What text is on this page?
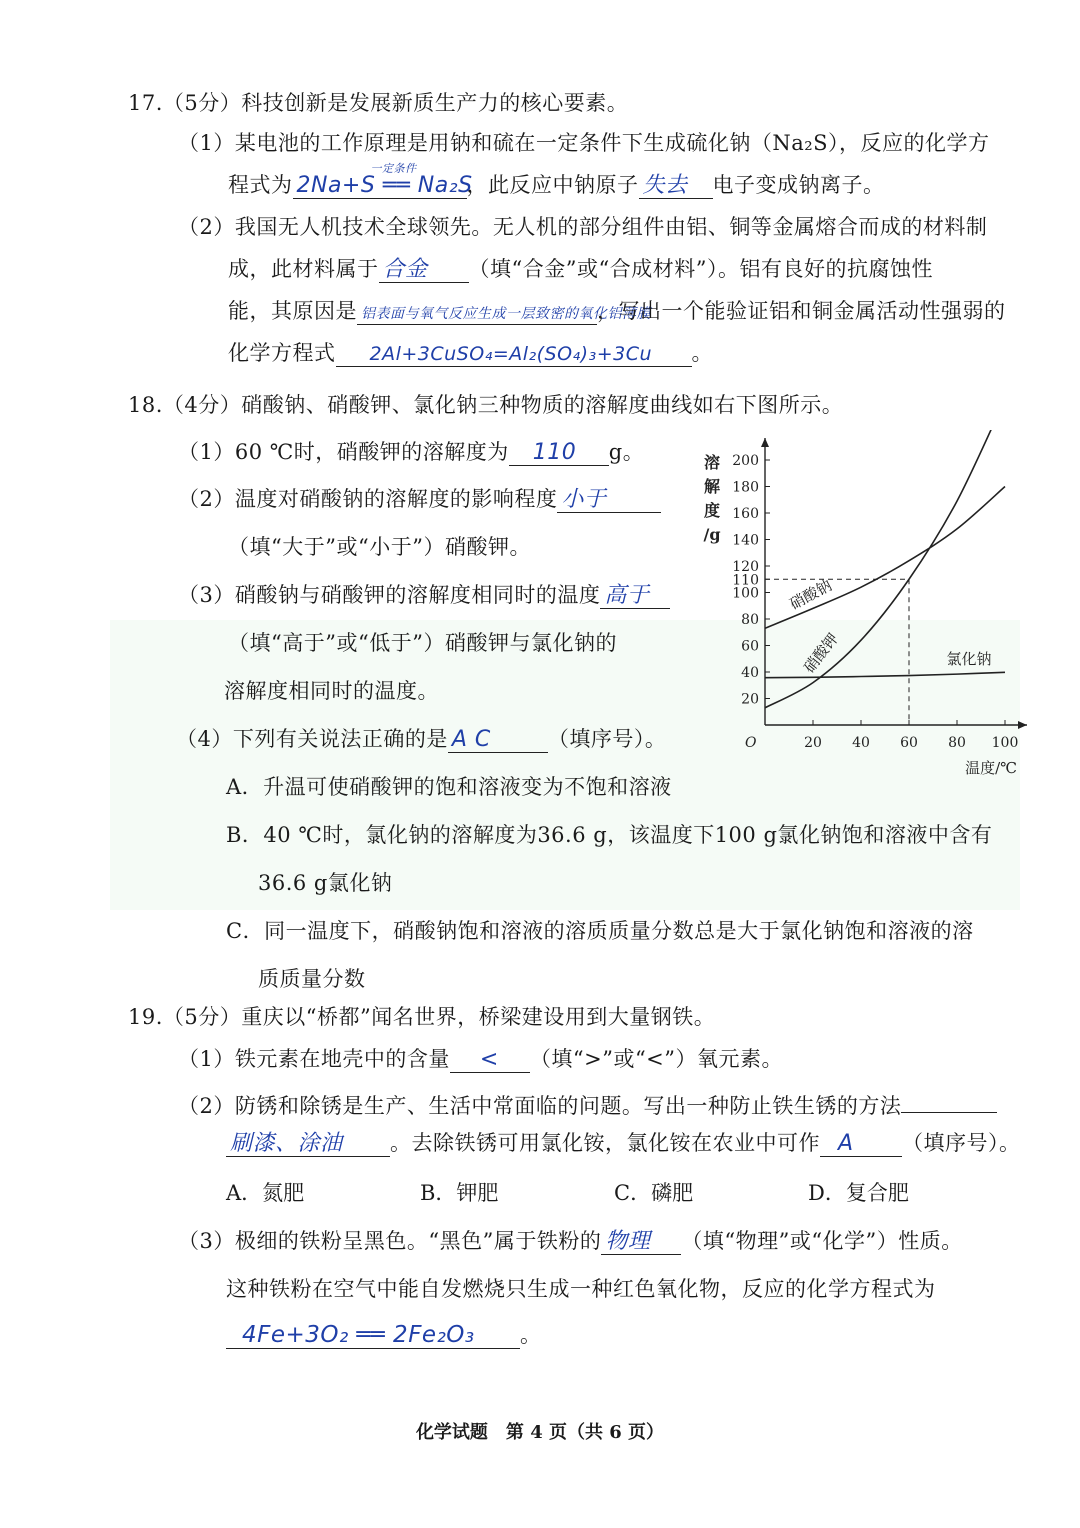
17.（5分）科技创新是发展新质生产力的核心要素。
（1）某电池的工作原理是用钠和硫在一定条件下生成硫化钠（Na₂S），反应的化学方
程式为
一定条件
2Na+S ══ Na₂S，此反应中钠原子 失去 电子变成钠离子。
（2）我国无人机技术全球领先。无人机的部分组件由铝、铜等金属熔合而成的材料制
成，此材料属于 合金 （填“合金”或“合成材料”）。铝有良好的抗腐蚀性
能，其原因是 铝表面与氧气反应生成一层致密的氧化铝薄膜，写出一个能验证铝和铜金属活动性强弱的
化学方程式 2Al+3CuSO₄=Al₂(SO₄)₃+3Cu 。
18.（4分）硝酸钠、硝酸钾、氯化钠三种物质的溶解度曲线如右下图所示。
（1）60 ℃时，硝酸钾的溶解度为 110 g。
（2）温度对硝酸钠的溶解度的影响程度 小于
（填“大于”或“小于”）硝酸钾。
（3）硝酸钠与硝酸钾的溶解度相同时的温度 高于
（填“高于”或“低于”）硝酸钾与氯化钠的
溶解度相同时的温度。
（4）下列有关说法正确的是 A C	（填序号）。
A．升温可使硝酸钾的饱和溶液变为不饱和溶液
B．40 ℃时，氯化钠的溶解度为36.6 g，该温度下100 g氯化钠饱和溶液中含有
36.6 g氯化钠
C．同一温度下，硝酸钠饱和溶液的溶质质量分数总是大于氯化钠饱和溶液的溶
质质量分数
20
40
60
80
100
110
120
140
160
180
200
20 40 60 80 100
O
溶
解
度
/g
温度/℃
硝酸钠
硝酸钾	氯化钠
19.（5分）重庆以“桥都”闻名世界，桥梁建设用到大量钢铁。
（1）铁元素在地壳中的含量 < （填“>”或“<”）氧元素。
（2）防锈和除锈是生产、生活中常面临的问题。写出一种防止铁生锈的方法
刷漆、涂油 。去除铁锈可用氯化铵，氯化铵在农业中可作 A （填序号）。
A．氮肥	B．钾肥	C．磷肥	D．复合肥
（3）极细的铁粉呈黑色。“黑色”属于铁粉的 物理 （填“物理”或“化学”）性质。
这种铁粉在空气中能自发燃烧只生成一种红色氧化物，反应的化学方程式为
4Fe+3O₂ ══ 2Fe₂O₃ 。
化学试题　第 4 页（共 6 页）
